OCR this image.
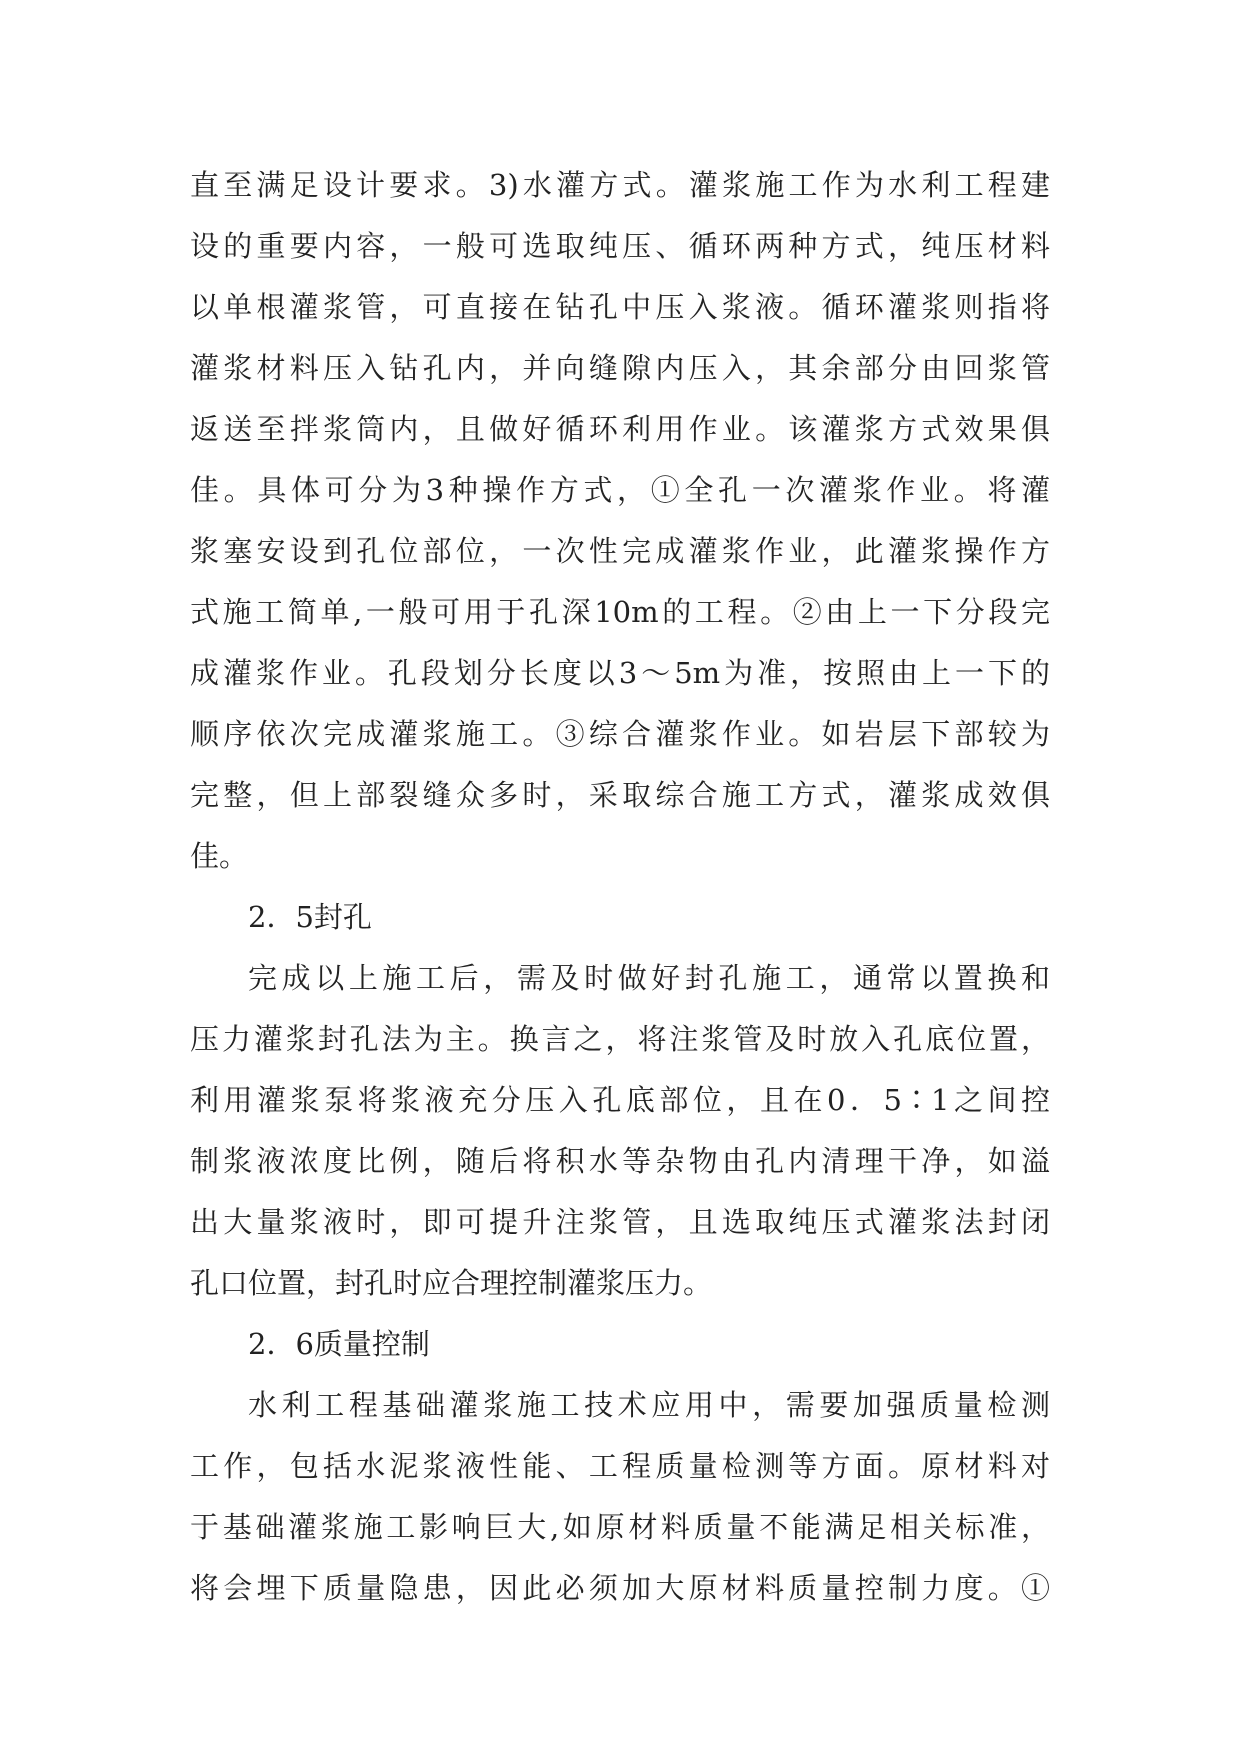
直至满足设计要求。3)水灌方式。灌浆施工作为水利工程建
设的重要内容，一般可选取纯压、循环两种方式，纯压材料
以单根灌浆管，可直接在钻孔中压入浆液。循环灌浆则指将
灌浆材料压入钻孔内，并向缝隙内压入，其余部分由回浆管
返送至拌浆筒内，且做好循环利用作业。该灌浆方式效果俱
佳。具体可分为3种操作方式，①全孔一次灌浆作业。将灌
浆塞安设到孔位部位，一次性完成灌浆作业，此灌浆操作方
式施工简单,一般可用于孔深10m的工程。②由上一下分段完
成灌浆作业。孔段划分长度以3～5m为准，按照由上一下的
顺序依次完成灌浆施工。③综合灌浆作业。如岩层下部较为
完整，但上部裂缝众多时，采取综合施工方式，灌浆成效俱
佳。
2．5封孔
完成以上施工后，需及时做好封孔施工，通常以置换和
压力灌浆封孔法为主。换言之，将注浆管及时放入孔底位置，
利用灌浆泵将浆液充分压入孔底部位，且在0．5∶1之间控
制浆液浓度比例，随后将积水等杂物由孔内清理干净，如溢
出大量浆液时，即可提升注浆管，且选取纯压式灌浆法封闭
孔口位置，封孔时应合理控制灌浆压力。
2．6质量控制
水利工程基础灌浆施工技术应用中，需要加强质量检测
工作，包括水泥浆液性能、工程质量检测等方面。原材料对
于基础灌浆施工影响巨大,如原材料质量不能满足相关标准，
将会埋下质量隐患，因此必须加大原材料质量控制力度。①
